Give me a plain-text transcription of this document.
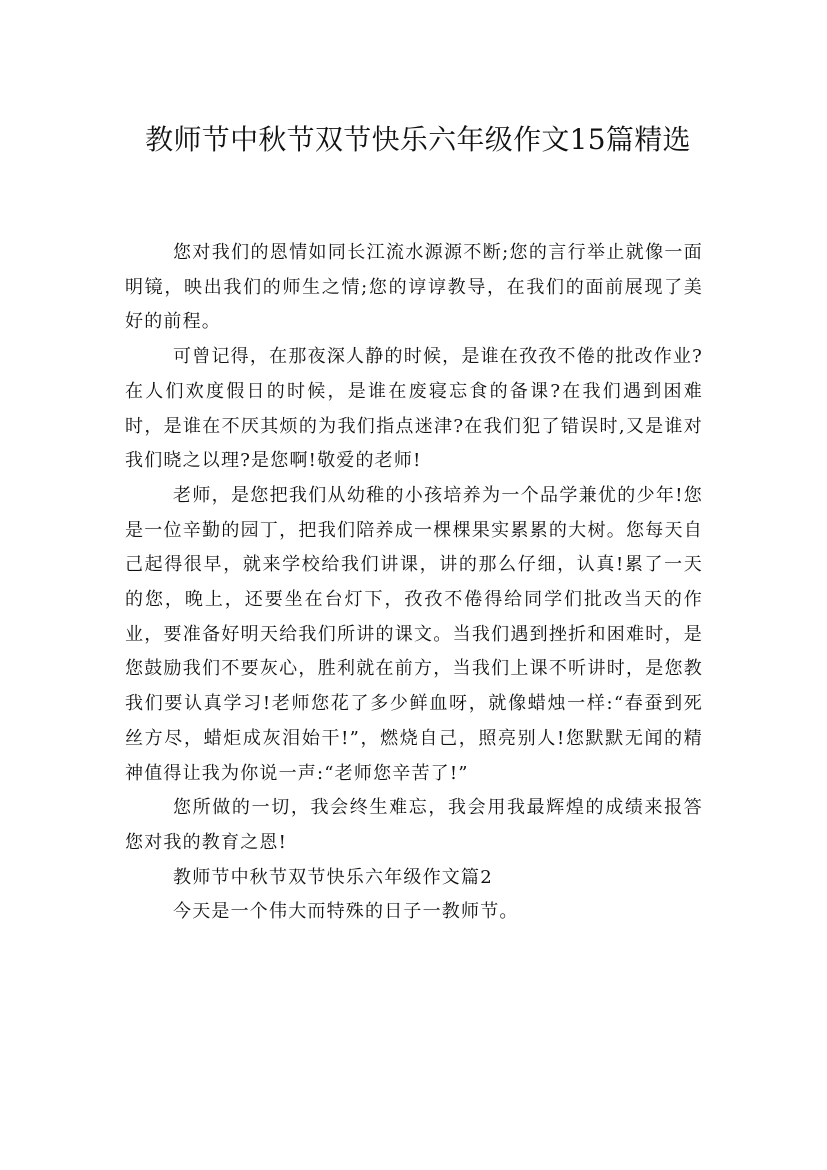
教师节中秋节双节快乐六年级作文15篇精选

您对我们的恩情如同长江流水源源不断;您的言行举止就像一面明镜，映出我们的师生之情;您的谆谆教导，在我们的面前展现了美好的前程。

可曾记得，在那夜深人静的时候，是谁在孜孜不倦的批改作业?在人们欢度假日的时候，是谁在废寝忘食的备课?在我们遇到困难时，是谁在不厌其烦的为我们指点迷津?在我们犯了错误时,又是谁对我们晓之以理?是您啊!敬爱的老师!

老师，是您把我们从幼稚的小孩培养为一个品学兼优的少年!您是一位辛勤的园丁，把我们陪养成一棵棵果实累累的大树。您每天自己起得很早，就来学校给我们讲课，讲的那么仔细，认真!累了一天的您，晚上，还要坐在台灯下，孜孜不倦得给同学们批改当天的作业，要准备好明天给我们所讲的课文。当我们遇到挫折和困难时，是您鼓励我们不要灰心，胜利就在前方，当我们上课不听讲时，是您教我们要认真学习!老师您花了多少鲜血呀，就像蜡烛一样:“春蚕到死丝方尽，蜡炬成灰泪始干!”，燃烧自己，照亮别人!您默默无闻的精神值得让我为你说一声:“老师您辛苦了!”

您所做的一切，我会终生难忘，我会用我最辉煌的成绩来报答您对我的教育之恩!

教师节中秋节双节快乐六年级作文篇2

今天是一个伟大而特殊的日子一教师节。
